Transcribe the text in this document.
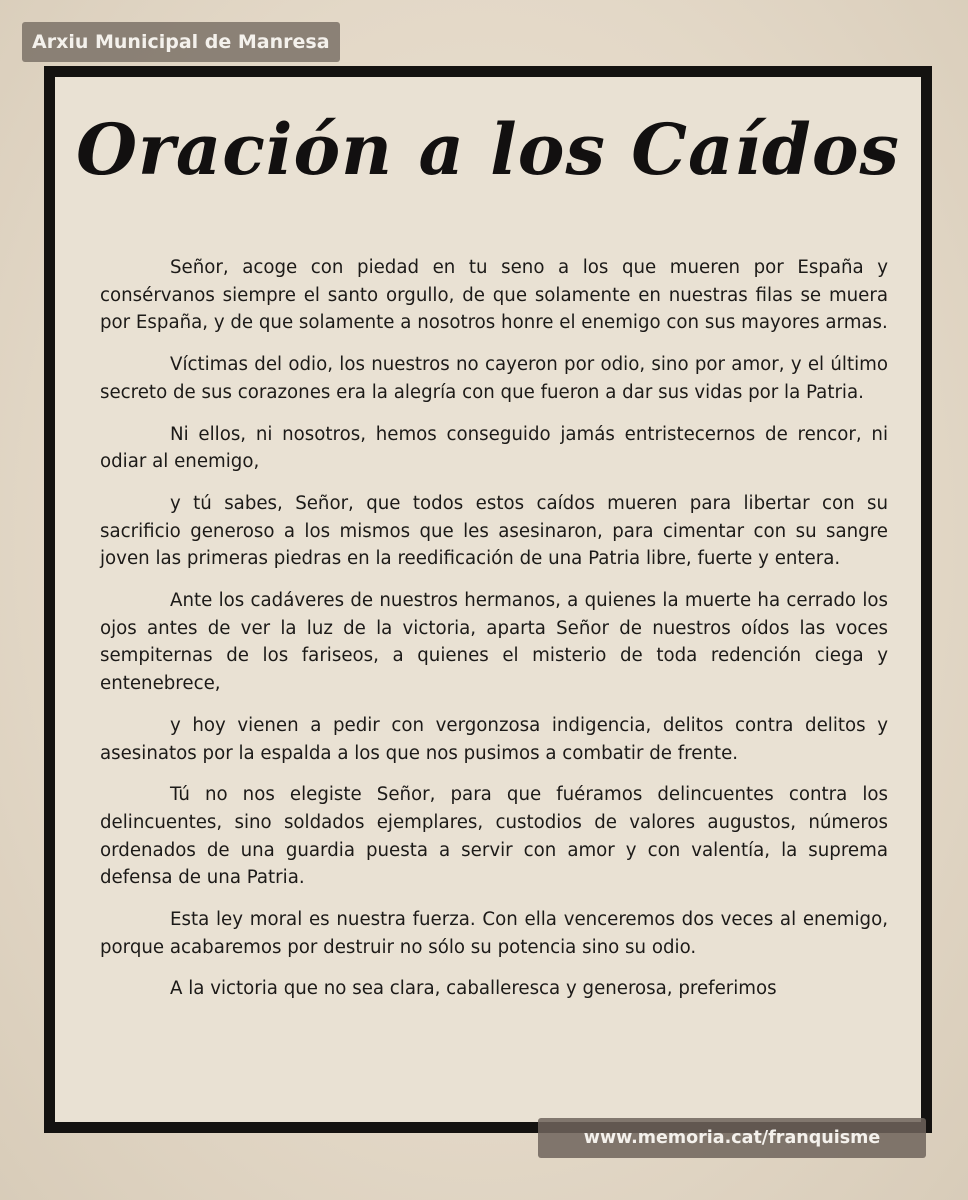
Arxiu Municipal de Manresa
Oración a los Caídos

Señor, acoge con piedad en tu seno a los que mueren por España y consérvanos siempre el santo orgullo, de que solamente en nuestras filas se muera por España, y de que solamente a nosotros honre el enemigo con sus mayores armas.

Víctimas del odio, los nuestros no cayeron por odio, sino por amor, y el último secreto de sus corazones era la alegría con que fueron a dar sus vidas por la Patria.

Ni ellos, ni nosotros, hemos conseguido jamás entristecernos de rencor, ni odiar al enemigo,

y tú sabes, Señor, que todos estos caídos mueren para libertar con su sacrificio generoso a los mismos que les asesinaron, para cimentar con su sangre joven las primeras piedras en la reedificación de una Patria libre, fuerte y entera.

Ante los cadáveres de nuestros hermanos, a quienes la muerte ha cerrado los ojos antes de ver la luz de la victoria, aparta Señor de nuestros oídos las voces sempiternas de los fariseos, a quienes el misterio de toda redención ciega y entenebrece,

y hoy vienen a pedir con vergonzosa indigencia, delitos contra delitos y asesinatos por la espalda a los que nos pusimos a combatir de frente.

Tú no nos elegiste Señor, para que fuéramos delincuentes contra los delincuentes, sino soldados ejemplares, custodios de valores augustos, números ordenados de una guardia puesta a servir con amor y con valentía, la suprema defensa de una Patria.

Esta ley moral es nuestra fuerza. Con ella venceremos dos veces al enemigo, porque acabaremos por destruir no sólo su potencia sino su odio.

A la victoria que no sea clara, caballeresca y generosa, preferimos

www.memoria.cat/franquisme
